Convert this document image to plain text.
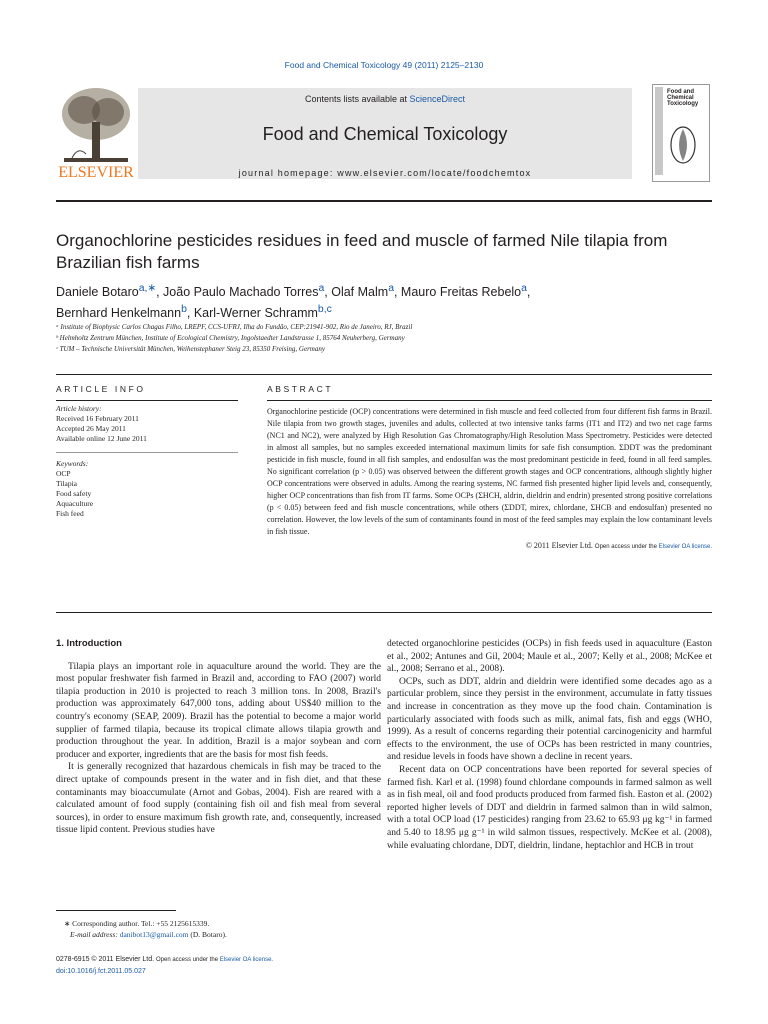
Food and Chemical Toxicology 49 (2011) 2125–2130
ELSEVIER
Contents lists available at ScienceDirect
Food and Chemical Toxicology
journal homepage: www.elsevier.com/locate/foodchemtox
Food and Chemical Toxicology
Organochlorine pesticides residues in feed and muscle of farmed Nile tilapia from Brazilian fish farms
Daniele Botaro$^{a,∗}$, João Paulo Machado Torres$^a$, Olaf Malm$^a$, Mauro Freitas Rebelo$^a$,
Bernhard Henkelmann$^b$, Karl-Werner Schramm$^{b,c}$
ᵃ Institute of Biophysic Carlos Chagas Filho, LREPF, CCS-UFRJ, Ilha do Fundão, CEP:21941-902, Rio de Janeiro, RJ, Brazil
ᵇ Helmholtz Zentrum München, Institute of Ecological Chemistry, Ingolstaedter Landstrasse 1, 85764 Neuherberg, Germany
ᶜ TUM – Technische Universität München, Weihenstephaner Steig 23, 85350 Freising, Germany
ARTICLE INFO	ABSTRACT
Article history:
Received 16 February 2011
Accepted 26 May 2011
Available online 12 June 2011
Keywords:
OCP
Tilapia
Food safety
Aquaculture
Fish feed
Organochlorine pesticide (OCP) concentrations were determined in fish muscle and feed collected from four different fish farms in Brazil. Nile tilapia from two growth stages, juveniles and adults, collected at two intensive tanks farms (IT1 and IT2) and two net cage farms (NC1 and NC2), were analyzed by High Resolution Gas Chromatography/High Resolution Mass Spectrometry. Pesticides were detected in almost all samples, but no samples exceeded international maximum limits for safe fish consumption. ΣDDT was the predominant pesticide in fish muscle, found in all fish samples, and endosulfan was the most predominant pesticide in feed, found in all feed samples. No significant correlation (p > 0.05) was observed between the different growth stages and OCP concentrations, although slightly higher OCP concentrations were observed in adults. Among the rearing systems, NC farmed fish presented higher lipid levels and, consequently, higher OCP concentrations than fish from IT farms. Some OCPs (ΣHCH, aldrin, dieldrin and endrin) presented strong positive correlations (p < 0.05) between feed and fish muscle concentrations, while others (ΣDDT, mirex, chlordane, ΣHCB and endosulfan) presented no correlation. However, the low levels of the sum of contaminants found in most of the feed samples may explain the low contaminant levels in fish tissue.
© 2011 Elsevier Ltd. Open access under the Elsevier OA license.
1. Introduction

Tilapia plays an important role in aquaculture around the world. They are the most popular freshwater fish farmed in Brazil and, according to FAO (2007) world tilapia production in 2010 is projected to reach 3 million tons. In 2008, Brazil's production was approximately 647,000 tons, adding about US$40 million to the country's economy (SEAP, 2009). Brazil has the potential to become a major world supplier of farmed tilapia, because its tropical climate allows tilapia growth and production throughout the year. In addition, Brazil is a major soybean and corn producer and exporter, ingredients that are the basis for most fish feeds.

It is generally recognized that hazardous chemicals in fish may be traced to the direct uptake of compounds present in the water and in fish diet, and that these contaminants may bioaccumulate (Arnot and Gobas, 2004). Fish are reared with a calculated amount of food supply (containing fish oil and fish meal from several sources), in order to ensure maximum fish growth rate, and, consequently, increased tissue lipid content. Previous studies have

detected organochlorine pesticides (OCPs) in fish feeds used in aquaculture (Easton et al., 2002; Antunes and Gil, 2004; Maule et al., 2007; Kelly et al., 2008; McKee et al., 2008; Serrano et al., 2008).

OCPs, such as DDT, aldrin and dieldrin were identified some decades ago as a particular problem, since they persist in the environment, accumulate in fatty tissues and increase in concentration as they move up the food chain. Contamination is particularly associated with foods such as milk, animal fats, fish and eggs (WHO, 1999). As a result of concerns regarding their potential carcinogenicity and harmful effects to the environment, the use of OCPs has been restricted in many countries, and residue levels in foods have shown a decline in recent years.

Recent data on OCP concentrations have been reported for several species of farmed fish. Karl et al. (1998) found chlordane compounds in farmed salmon as well as in fish meal, oil and food products produced from farmed fish. Easton et al. (2002) reported higher levels of DDT and dieldrin in farmed salmon than in wild salmon, with a total OCP load (17 pesticides) ranging from 23.62 to 65.93 μg kg⁻¹ in farmed and 5.40 to 18.95 μg g⁻¹ in wild salmon tissues, respectively. McKee et al. (2008), while evaluating chlordane, DDT, dieldrin, lindane, heptachlor and HCB in trout

∗ Corresponding author. Tel.: +55 2125615339.
E-mail address: danibot13@gmail.com (D. Botaro).
0278-6915 © 2011 Elsevier Ltd. Open access under the Elsevier OA license.
doi:10.1016/j.fct.2011.05.027
